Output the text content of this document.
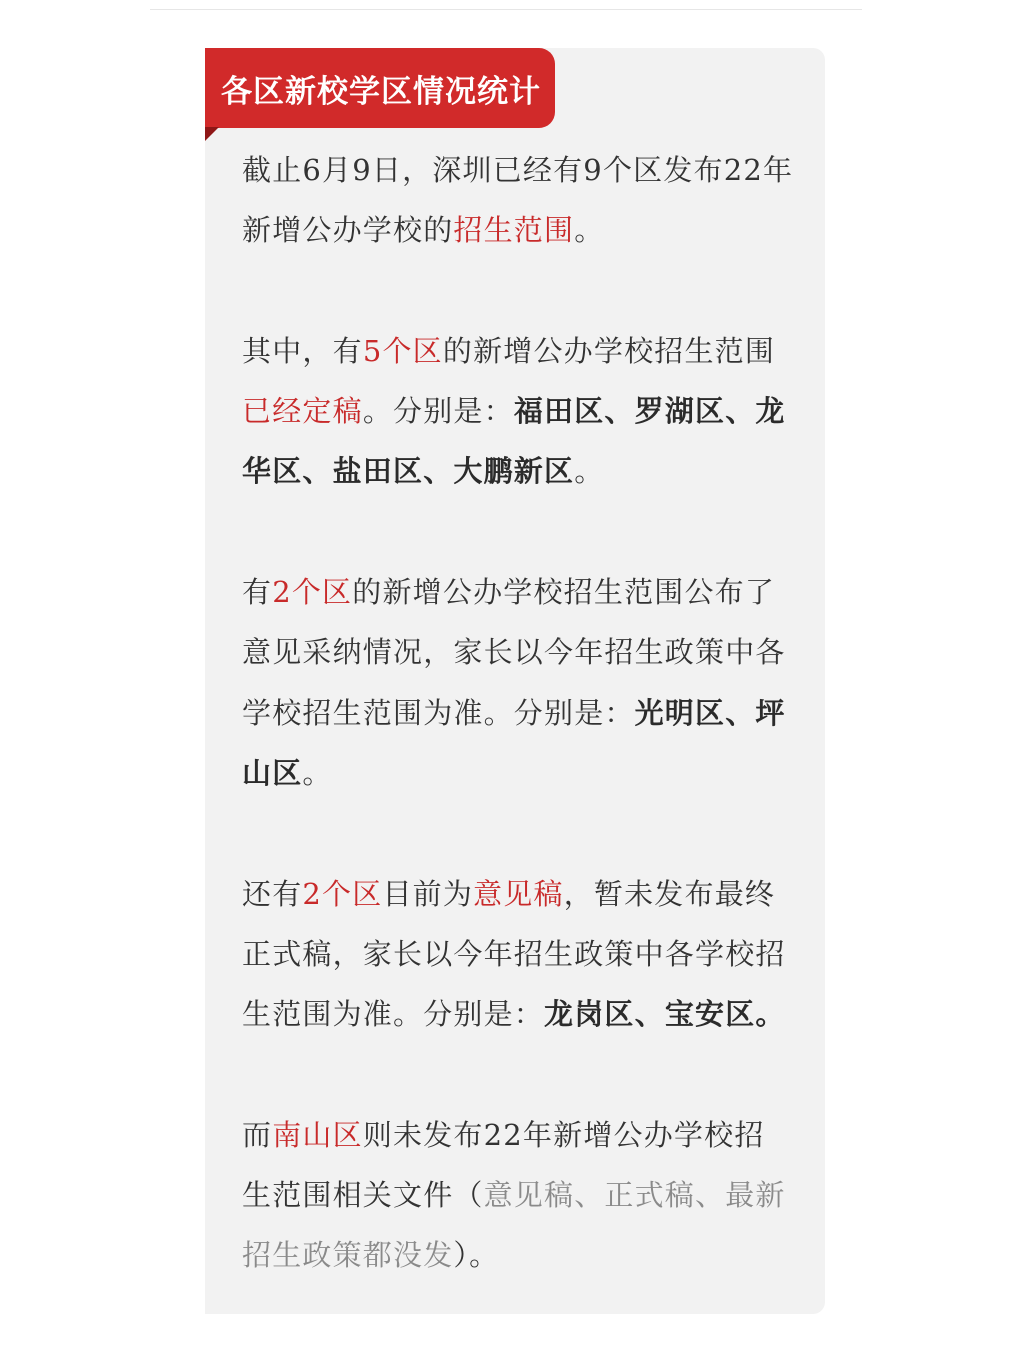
各区新校学区情况统计

截止6月9日，深圳已经有9个区发布22年新增公办学校的招生范围。

其中，有5个区的新增公办学校招生范围已经定稿。分别是：福田区、罗湖区、龙华区、盐田区、大鹏新区。

有2个区的新增公办学校招生范围公布了意见采纳情况，家长以今年招生政策中各学校招生范围为准。分别是：光明区、坪山区。

还有2个区目前为意见稿，暂未发布最终正式稿，家长以今年招生政策中各学校招生范围为准。分别是：龙岗区、宝安区。

而南山区则未发布22年新增公办学校招生范围相关文件（意见稿、正式稿、最新招生政策都没发）。
